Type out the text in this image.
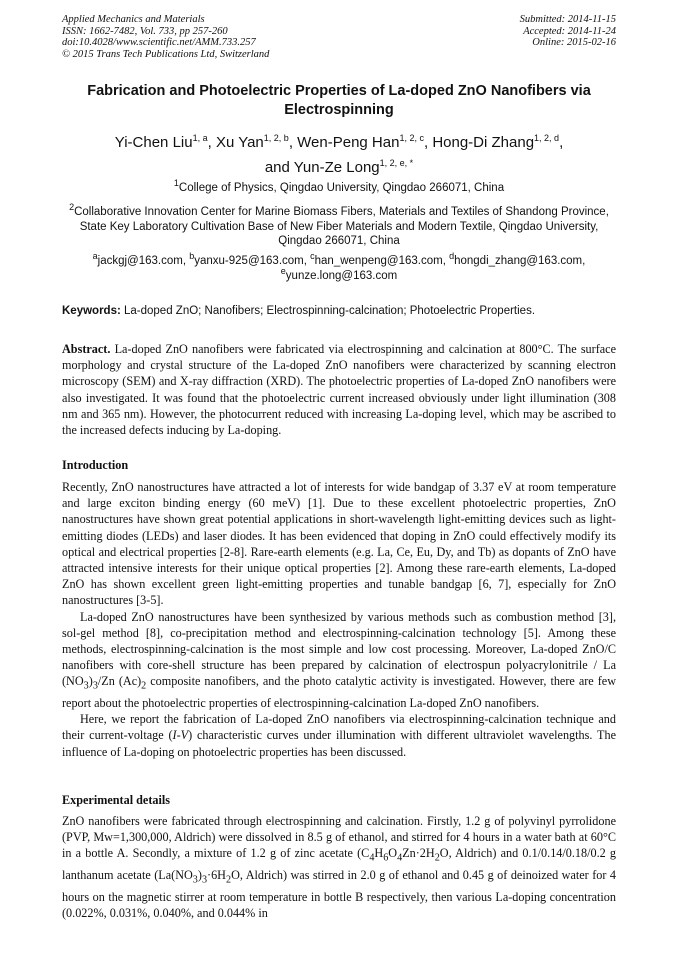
Applied Mechanics and Materials
ISSN: 1662-7482, Vol. 733, pp 257-260
doi:10.4028/www.scientific.net/AMM.733.257
© 2015 Trans Tech Publications Ltd, Switzerland
Submitted: 2014-11-15
Accepted: 2014-11-24
Online: 2015-02-16
Fabrication and Photoelectric Properties of La-doped ZnO Nanofibers via Electrospinning
Yi-Chen Liu$^{1, a}$, Xu Yan$^{1, 2, b}$, Wen-Peng Han$^{1, 2, c}$, Hong-Di Zhang$^{1, 2, d}$,
and Yun-Ze Long$^{1, 2, e, *}$
$^1$College of Physics, Qingdao University, Qingdao 266071, China
$^2$Collaborative Innovation Center for Marine Biomass Fibers, Materials and Textiles of Shandong Province, State Key Laboratory Cultivation Base of New Fiber Materials and Modern Textile, Qingdao University, Qingdao 266071, China
$^a$jackgj@163.com, $^b$yanxu-925@163.com, $^c$han_wenpeng@163.com, $^d$hongdi_zhang@163.com,
$^e$yunze.long@163.com
Keywords: La-doped ZnO; Nanofibers; Electrospinning-calcination; Photoelectric Properties.
Abstract. La-doped ZnO nanofibers were fabricated via electrospinning and calcination at 800°C. The surface morphology and crystal structure of the La-doped ZnO nanofibers were characterized by scanning electron microscopy (SEM) and X-ray diffraction (XRD). The photoelectric properties of La-doped ZnO nanofibers were also investigated. It was found that the photoelectric current increased obviously under light illumination (308 nm and 365 nm). However, the photocurrent reduced with increasing La-doping level, which may be ascribed to the increased defects inducing by La-doping.
Introduction

Recently, ZnO nanostructures have attracted a lot of interests for wide bandgap of 3.37 eV at room temperature and large exciton binding energy (60 meV) [1]. Due to these excellent photoelectric properties, ZnO nanostructures have shown great potential applications in short-wavelength light-emitting devices such as light-emitting diodes (LEDs) and laser diodes. It has been evidenced that doping in ZnO could effectively modify its optical and electrical properties [2-8]. Rare-earth elements (e.g. La, Ce, Eu, Dy, and Tb) as dopants of ZnO have attracted intensive interests for their unique optical properties [2]. Among these rare-earth elements, La-doped ZnO has shown excellent green light-emitting properties and tunable bandgap [6, 7], especially for ZnO nanostructures [3-5].

La-doped ZnO nanostructures have been synthesized by various methods such as combustion method [3], sol-gel method [8], co-precipitation method and electrospinning-calcination technology [5]. Among these methods, electrospinning-calcination is the most simple and low cost processing. Moreover, La-doped ZnO/C nanofibers with core-shell structure has been prepared by calcination of electrospun polyacrylonitrile / La $(NO_3)_3/Zn$ $(Ac)_2$ composite nanofibers, and the photo catalytic activity is investigated. However, there are few report about the photoelectric properties of electrospinning-calcination La-doped ZnO nanofibers.

Here, we report the fabrication of La-doped ZnO nanofibers via electrospinning-calcination technique and their current-voltage (I-V) characteristic curves under illumination with different ultraviolet wavelengths. The influence of La-doping on photoelectric properties has been discussed.

Experimental details

ZnO nanofibers were fabricated through electrospinning and calcination. Firstly, 1.2 g of polyvinyl pyrrolidone (PVP, Mw=1,300,000, Aldrich) were dissolved in 8.5 g of ethanol, and stirred for 4 hours in a water bath at 60°C in a bottle A. Secondly, a mixture of 1.2 g of zinc acetate ($C_4H_6O_4Zn\cdot 2H_2O$, Aldrich) and 0.1/0.14/0.18/0.2 g lanthanum acetate ($La(NO_3)_3\cdot 6H_2O$, Aldrich) was stirred in 2.0 g of ethanol and 0.45 g of deinoized water for 4 hours on the magnetic stirrer at room temperature in bottle B respectively, then various La-doping concentration (0.022%, 0.031%, 0.040%, and 0.044% in
